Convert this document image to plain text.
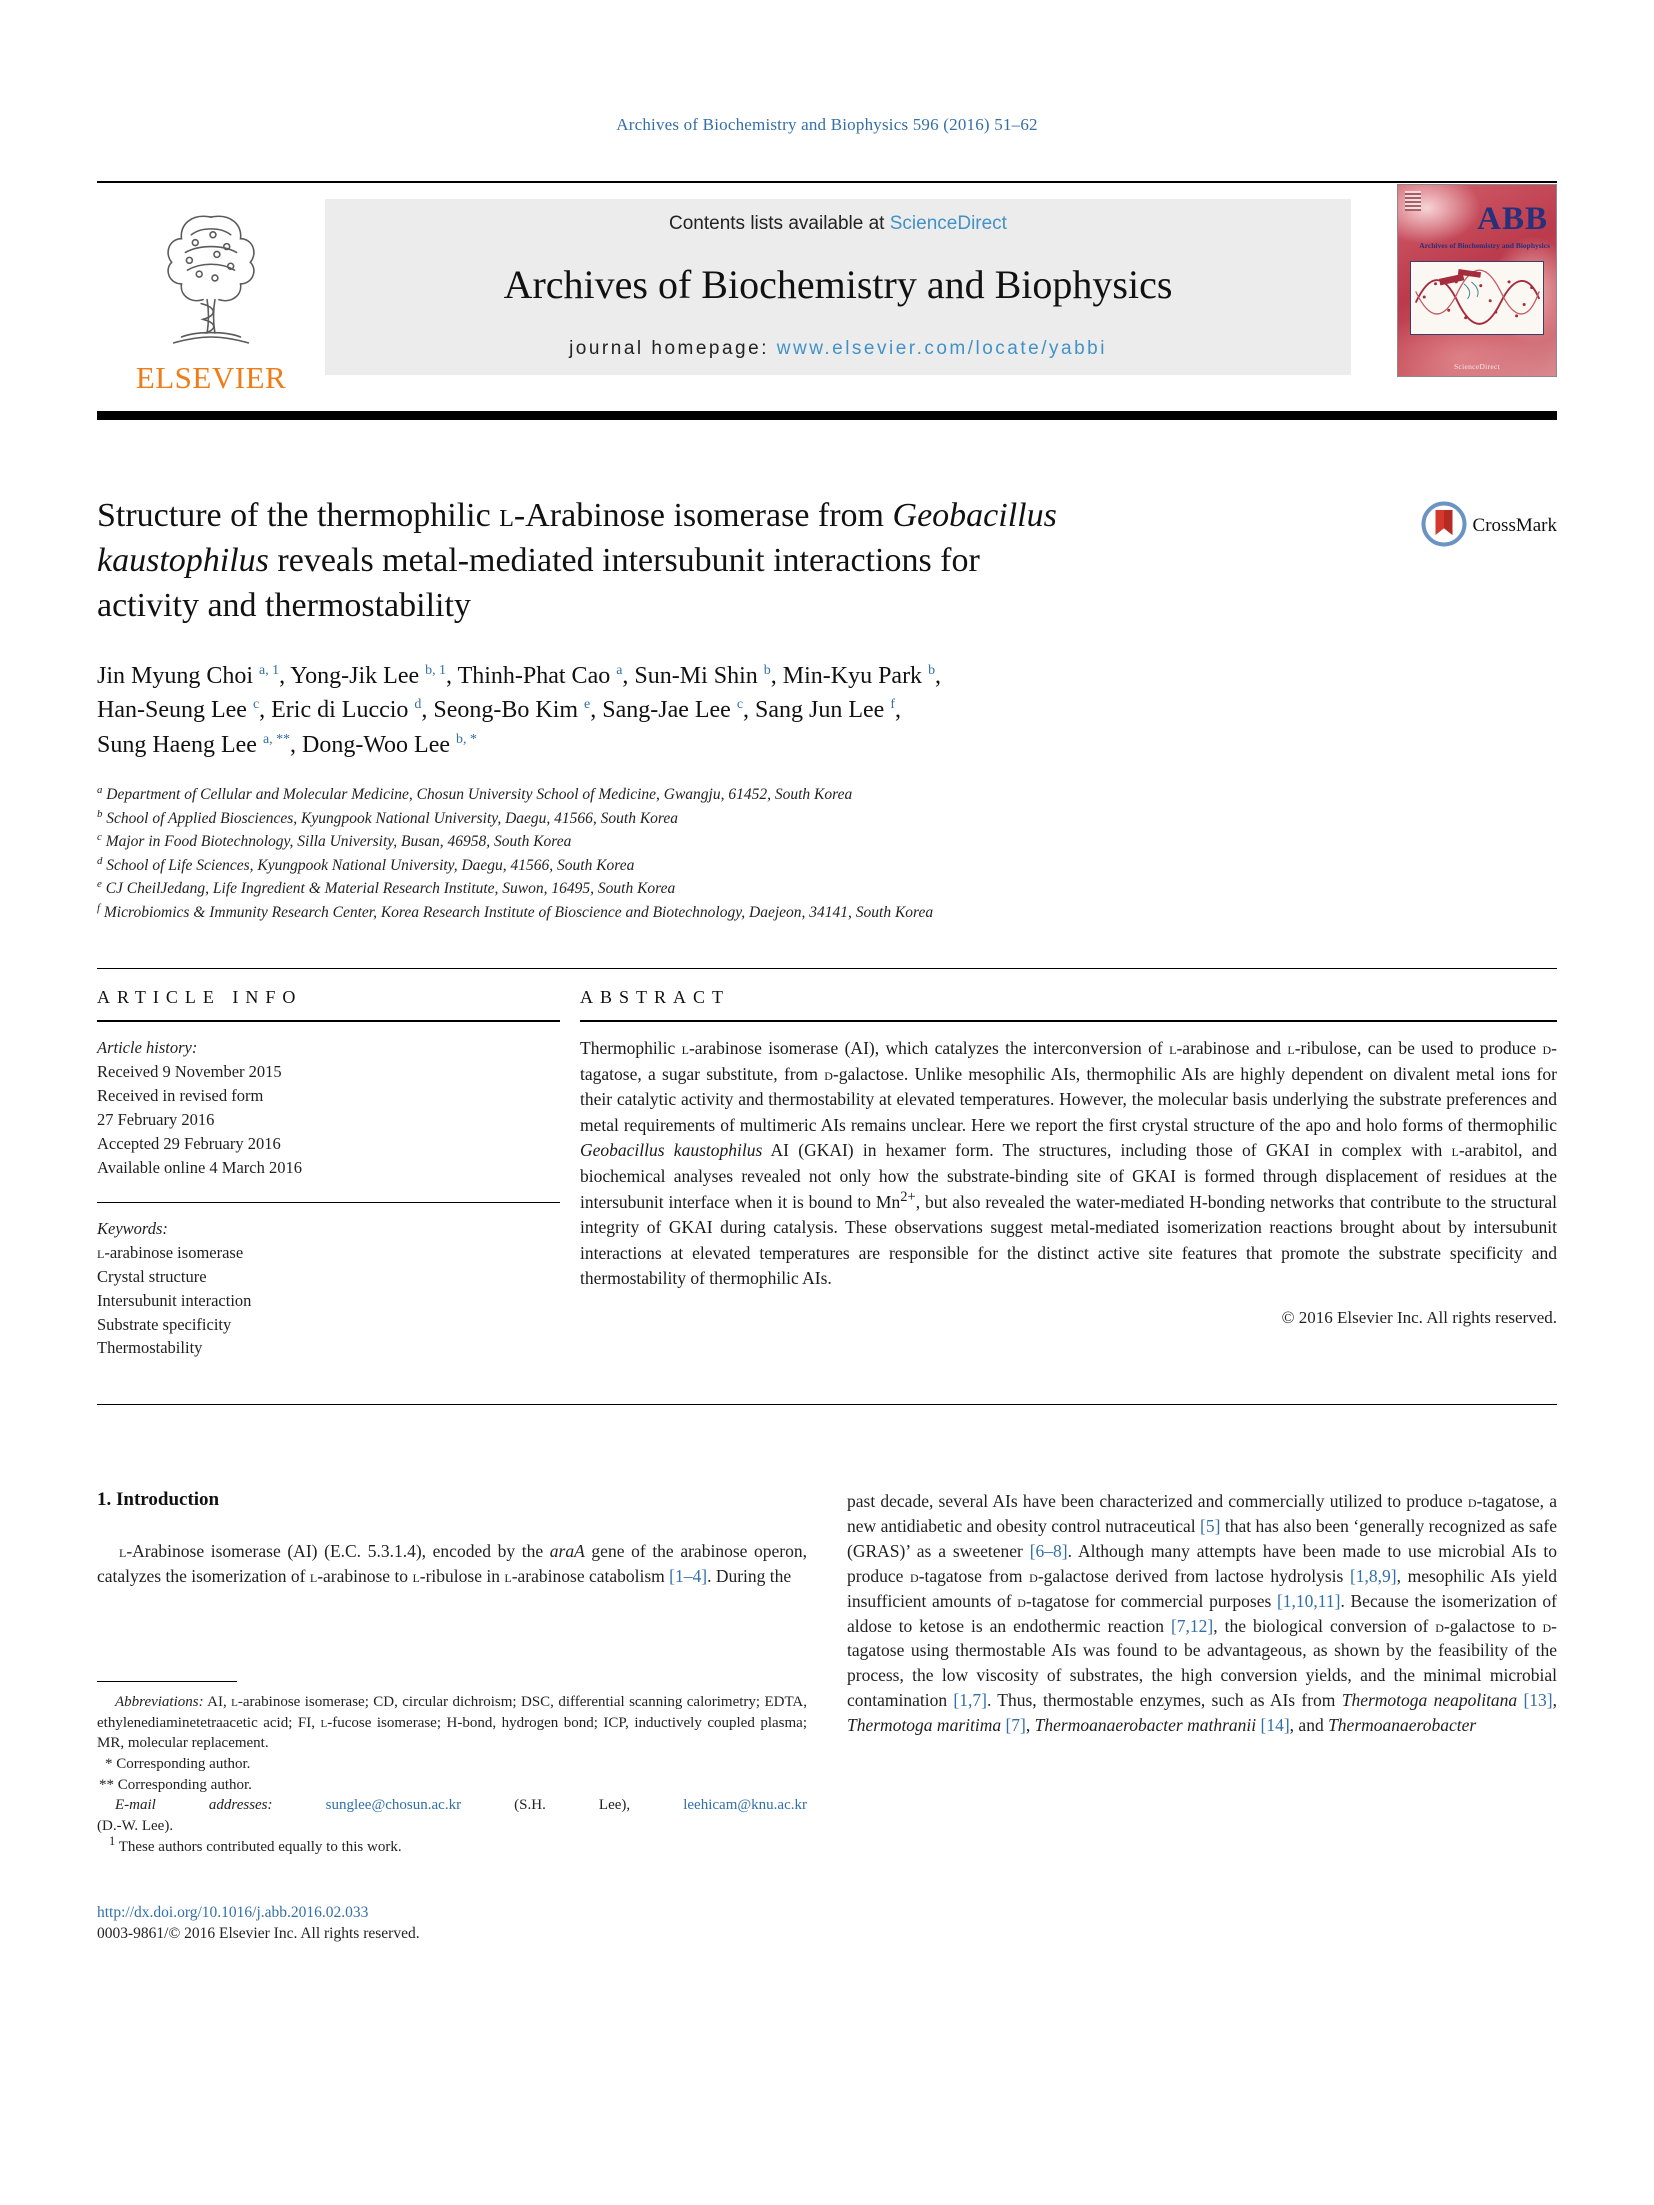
Archives of Biochemistry and Biophysics 596 (2016) 51–62
ELSEVIER
Contents lists available at ScienceDirect
Archives of Biochemistry and Biophysics
journal homepage: www.elsevier.com/locate/yabbi
ABB
Archives of Biochemistry and Biophysics
ScienceDirect
Structure of the thermophilic l-Arabinose isomerase from Geobacillus
kaustophilus reveals metal-mediated intersubunit interactions for
activity and thermostability
CrossMark
Jin Myung Choi $^{a, 1}$, Yong-Jik Lee $^{b, 1}$, Thinh-Phat Cao $^a$, Sun-Mi Shin $^b$, Min-Kyu Park $^b$,
Han-Seung Lee $^c$, Eric di Luccio $^d$, Seong-Bo Kim $^e$, Sang-Jae Lee $^c$, Sang Jun Lee $^f$,
Sung Haeng Lee $^{a, **}$, Dong-Woo Lee $^{b, *}$
$^a$ Department of Cellular and Molecular Medicine, Chosun University School of Medicine, Gwangju, 61452, South Korea
$^b$ School of Applied Biosciences, Kyungpook National University, Daegu, 41566, South Korea
$^c$ Major in Food Biotechnology, Silla University, Busan, 46958, South Korea
$^d$ School of Life Sciences, Kyungpook National University, Daegu, 41566, South Korea
$^e$ CJ CheilJedang, Life Ingredient & Material Research Institute, Suwon, 16495, South Korea
$^f$ Microbiomics & Immunity Research Center, Korea Research Institute of Bioscience and Biotechnology, Daejeon, 34141, South Korea
ARTICLE INFO
Article history:
Received 9 November 2015
Received in revised form
27 February 2016
Accepted 29 February 2016
Available online 4 March 2016
Keywords:
l-arabinose isomerase
Crystal structure
Intersubunit interaction
Substrate specificity
Thermostability
ABSTRACT
Thermophilic l-arabinose isomerase (AI), which catalyzes the interconversion of l-arabinose and l-ribulose, can be used to produce d-tagatose, a sugar substitute, from d-galactose. Unlike mesophilic AIs, thermophilic AIs are highly dependent on divalent metal ions for their catalytic activity and thermostability at elevated temperatures. However, the molecular basis underlying the substrate preferences and metal requirements of multimeric AIs remains unclear. Here we report the first crystal structure of the apo and holo forms of thermophilic Geobacillus kaustophilus AI (GKAI) in hexamer form. The structures, including those of GKAI in complex with l-arabitol, and biochemical analyses revealed not only how the substrate-binding site of GKAI is formed through displacement of residues at the intersubunit interface when it is bound to $Mn^{2+}$, but also revealed the water-mediated H-bonding networks that contribute to the structural integrity of GKAI during catalysis. These observations suggest metal-mediated isomerization reactions brought about by intersubunit interactions at elevated temperatures are responsible for the distinct active site features that promote the substrate specificity and thermostability of thermophilic AIs.
© 2016 Elsevier Inc. All rights reserved.
1. Introduction
l-Arabinose isomerase (AI) (E.C. 5.3.1.4), encoded by the araA gene of the arabinose operon, catalyzes the isomerization of l-arabinose to l-ribulose in l-arabinose catabolism [1–4]. During the
Abbreviations: AI, l-arabinose isomerase; CD, circular dichroism; DSC, differential scanning calorimetry; EDTA, ethylenediaminetetraacetic acid; FI, l-fucose isomerase; H-bond, hydrogen bond; ICP, inductively coupled plasma; MR, molecular replacement.
* Corresponding author.
** Corresponding author.
E-mail addresses:	sunglee@chosun.ac.kr (S.H. Lee), leehicam@knu.ac.kr
(D.-W. Lee).
$^1$ These authors contributed equally to this work.
past decade, several AIs have been characterized and commercially utilized to produce d-tagatose, a new antidiabetic and obesity control nutraceutical [5] that has also been ‘generally recognized as safe (GRAS)’ as a sweetener [6–8]. Although many attempts have been made to use microbial AIs to produce d-tagatose from d-galactose derived from lactose hydrolysis [1,8,9], mesophilic AIs yield insufficient amounts of d-tagatose for commercial purposes [1,10,11]. Because the isomerization of aldose to ketose is an endothermic reaction [7,12], the biological conversion of d-galactose to d-tagatose using thermostable AIs was found to be advantageous, as shown by the feasibility of the process, the low viscosity of substrates, the high conversion yields, and the minimal microbial contamination [1,7]. Thus, thermostable enzymes, such as AIs from Thermotoga neapolitana [13], Thermotoga maritima [7], Thermoanaerobacter mathranii [14], and Thermoanaerobacter
http://dx.doi.org/10.1016/j.abb.2016.02.033
0003-9861/© 2016 Elsevier Inc. All rights reserved.
